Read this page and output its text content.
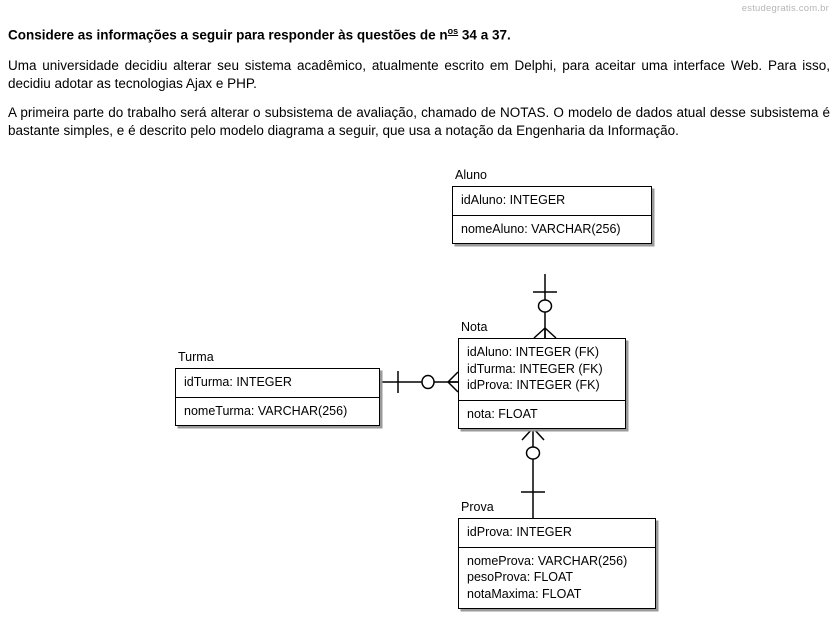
estudegratis.com.br

Considere as informações a seguir para responder às questões de $n^{os}$ 34 a 37.

Uma universidade decidiu alterar seu sistema acadêmico, atualmente escrito em Delphi, para aceitar uma interface Web. Para isso, decidiu adotar as tecnologias Ajax e PHP.

A primeira parte do trabalho será alterar o subsistema de avaliação, chamado de NOTAS. O modelo de dados atual desse subsistema é bastante simples, e é descrito pelo modelo diagrama a seguir, que usa a notação da Engenharia da Informação.

Aluno
idAluno: INTEGER
nomeAluno: VARCHAR(256)
Nota
idAluno: INTEGER (FK)
idTurma: INTEGER (FK)
idProva: INTEGER (FK)
nota: FLOAT
Turma
idTurma: INTEGER
nomeTurma: VARCHAR(256)
Prova
idProva: INTEGER
nomeProva: VARCHAR(256)
pesoProva: FLOAT
notaMaxima: FLOAT
